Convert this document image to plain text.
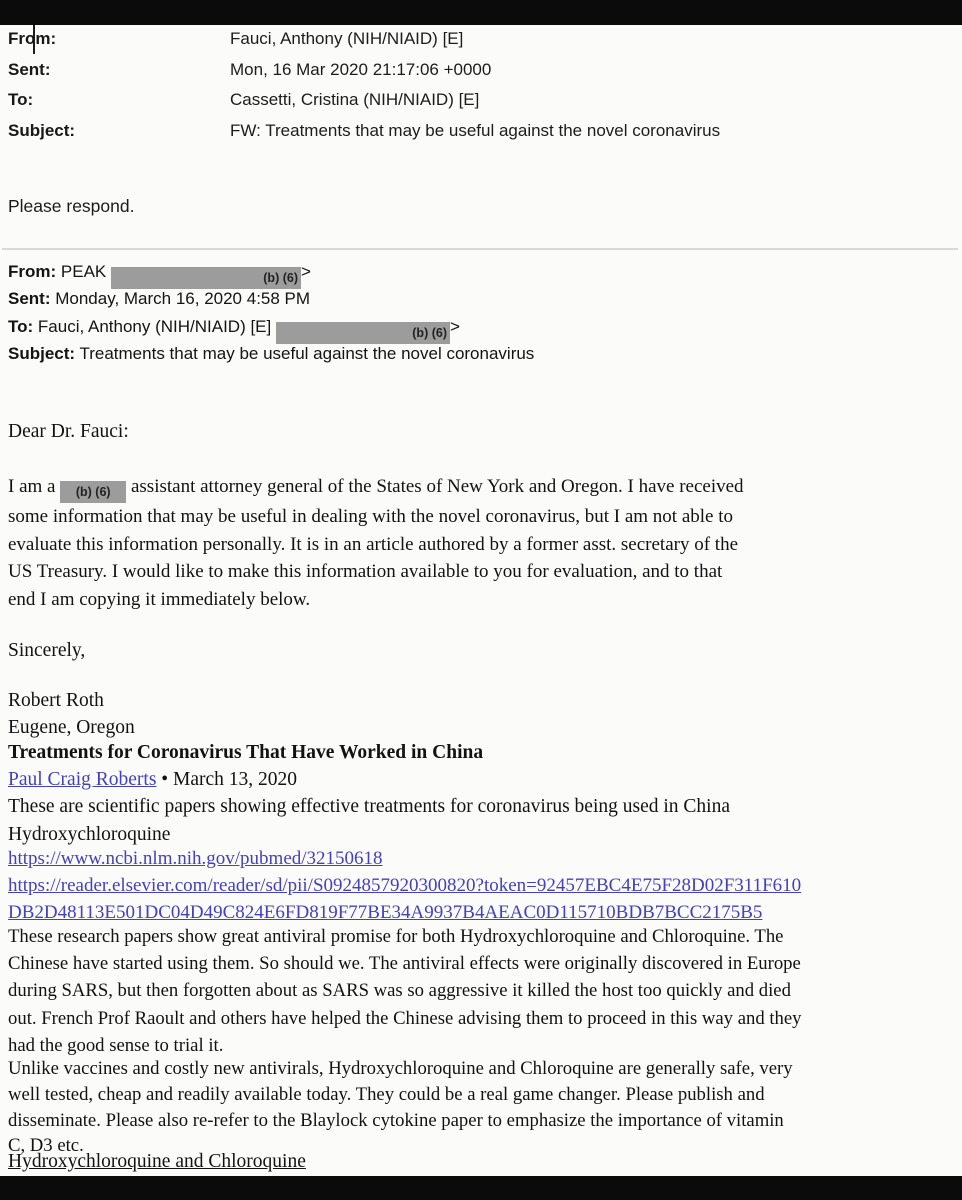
From:	Fauci, Anthony (NIH/NIAID) [E]
Sent:	Mon, 16 Mar 2020 21:17:06 +0000
To:	Cassetti, Cristina (NIH/NIAID) [E]
Subject:	FW: Treatments that may be useful against the novel coronavirus
Please respond.
From: PEAK	(b) (6) >
Sent: Monday, March 16, 2020 4:58 PM
To: Fauci, Anthony (NIH/NIAID) [E]	(b) (6) >
Subject: Treatments that may be useful against the novel coronavirus
Dear Dr. Fauci:
I am a (b) (6) assistant attorney general of the States of New York and Oregon. I have received
some information that may be useful in dealing with the novel coronavirus, but I am not able to
evaluate this information personally. It is in an article authored by a former asst. secretary of the
US Treasury. I would like to make this information available to you for evaluation, and to that
end I am copying it immediately below.
Sincerely,
Robert Roth
Eugene, Oregon
Treatments for Coronavirus That Have Worked in China
Paul Craig Roberts • March 13, 2020
These are scientific papers showing effective treatments for coronavirus being used in China
Hydroxychloroquine
https://www.ncbi.nlm.nih.gov/pubmed/32150618
https://reader.elsevier.com/reader/sd/pii/S0924857920300820?token=92457EBC4E75F28D02F311F610
DB2D48113E501DC04D49C824E6FD819F77BE34A9937B4AEAC0D115710BDB7BCC2175B5
These research papers show great antiviral promise for both Hydroxychloroquine and Chloroquine. The
Chinese have started using them. So should we. The antiviral effects were originally discovered in Europe
during SARS, but then forgotten about as SARS was so aggressive it killed the host too quickly and died
out. French Prof Raoult and others have helped the Chinese advising them to proceed in this way and they
had the good sense to trial it.
Unlike vaccines and costly new antivirals, Hydroxychloroquine and Chloroquine are generally safe, very
well tested, cheap and readily available today. They could be a real game changer. Please publish and
disseminate. Please also re-refer to the Blaylock cytokine paper to emphasize the importance of vitamin
C, D3 etc.
Hydroxychloroquine and Chloroquine
